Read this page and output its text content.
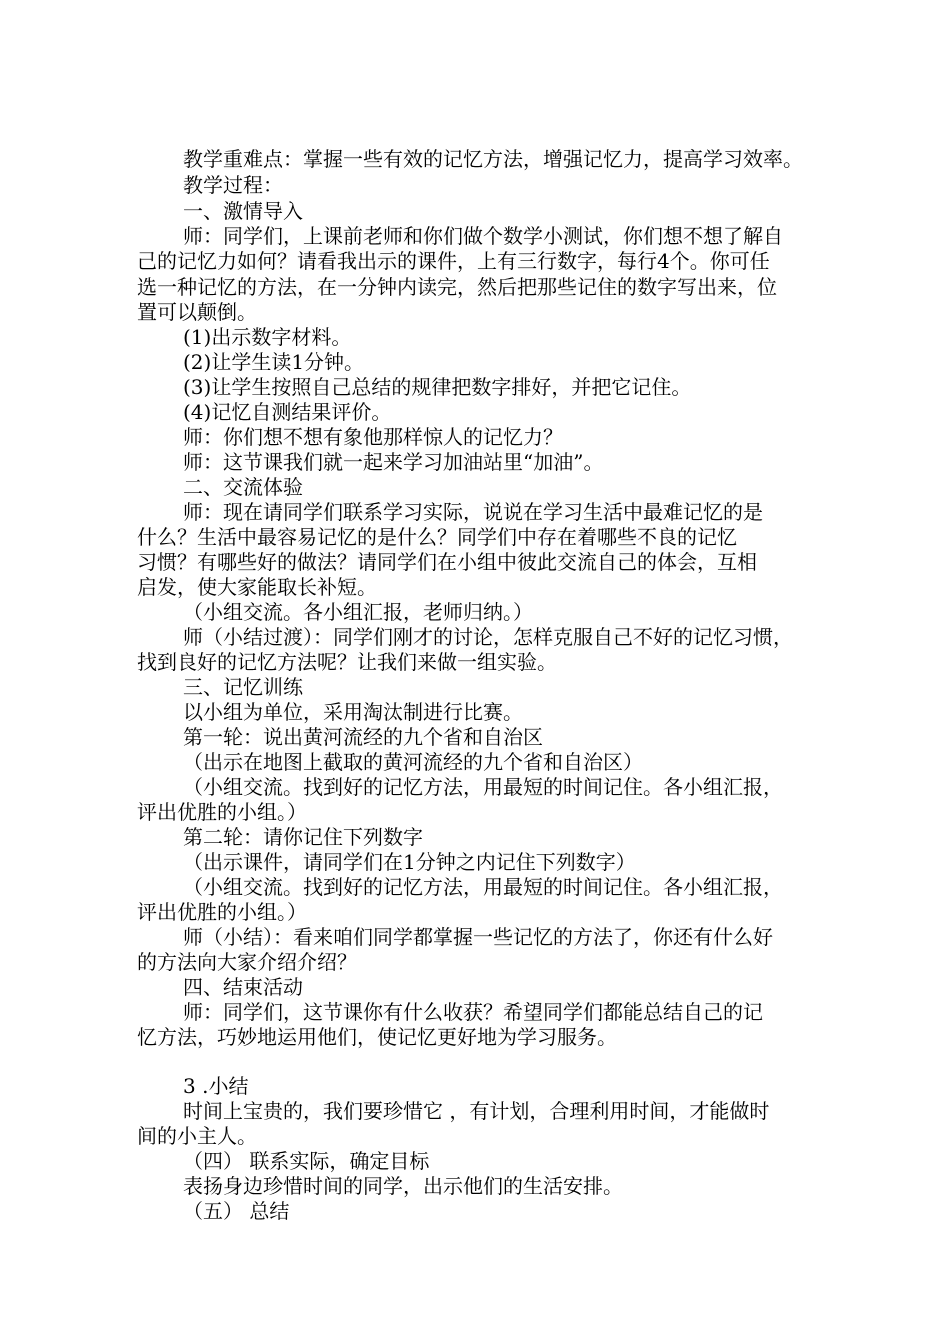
教学重难点：掌握一些有效的记忆方法，增强记忆力，提高学习效率。
教学过程：
一、激情导入
师：同学们，上课前老师和你们做个数学小测试，你们想不想了解自
己的记忆力如何？请看我出示的课件，上有三行数字，每行4个。你可任
选一种记忆的方法，在一分钟内读完，然后把那些记住的数字写出来，位
置可以颠倒。
(1)出示数字材料。
(2)让学生读1分钟。
(3)让学生按照自己总结的规律把数字排好，并把它记住。
(4)记忆自测结果评价。
师：你们想不想有象他那样惊人的记忆力？
师：这节课我们就一起来学习加油站里“加油”。
二、交流体验
师：现在请同学们联系学习实际，说说在学习生活中最难记忆的是
什么？生活中最容易记忆的是什么？同学们中存在着哪些不良的记忆
习惯？有哪些好的做法？请同学们在小组中彼此交流自己的体会，互相
启发，使大家能取长补短。
（小组交流。各小组汇报，老师归纳。）
师（小结过渡）：同学们刚才的讨论，怎样克服自己不好的记忆习惯，
找到良好的记忆方法呢？让我们来做一组实验。
三、记忆训练
以小组为单位，采用淘汰制进行比赛。
第一轮：说出黄河流经的九个省和自治区
（出示在地图上截取的黄河流经的九个省和自治区）
（小组交流。找到好的记忆方法，用最短的时间记住。各小组汇报，
评出优胜的小组。）
第二轮：请你记住下列数字
（出示课件，请同学们在1分钟之内记住下列数字）
（小组交流。找到好的记忆方法，用最短的时间记住。各小组汇报，
评出优胜的小组。）
师（小结）：看来咱们同学都掌握一些记忆的方法了，你还有什么好
的方法向大家介绍介绍？
四、结束活动
师：同学们，这节课你有什么收获？希望同学们都能总结自己的记
忆方法，巧妙地运用他们，使记忆更好地为学习服务。
3 .小结
时间上宝贵的，我们要珍惜它 ，有计划，合理利用时间，才能做时
间的小主人。
（四） 联系实际，确定目标
表扬身边珍惜时间的同学，出示他们的生活安排。
（五） 总结
